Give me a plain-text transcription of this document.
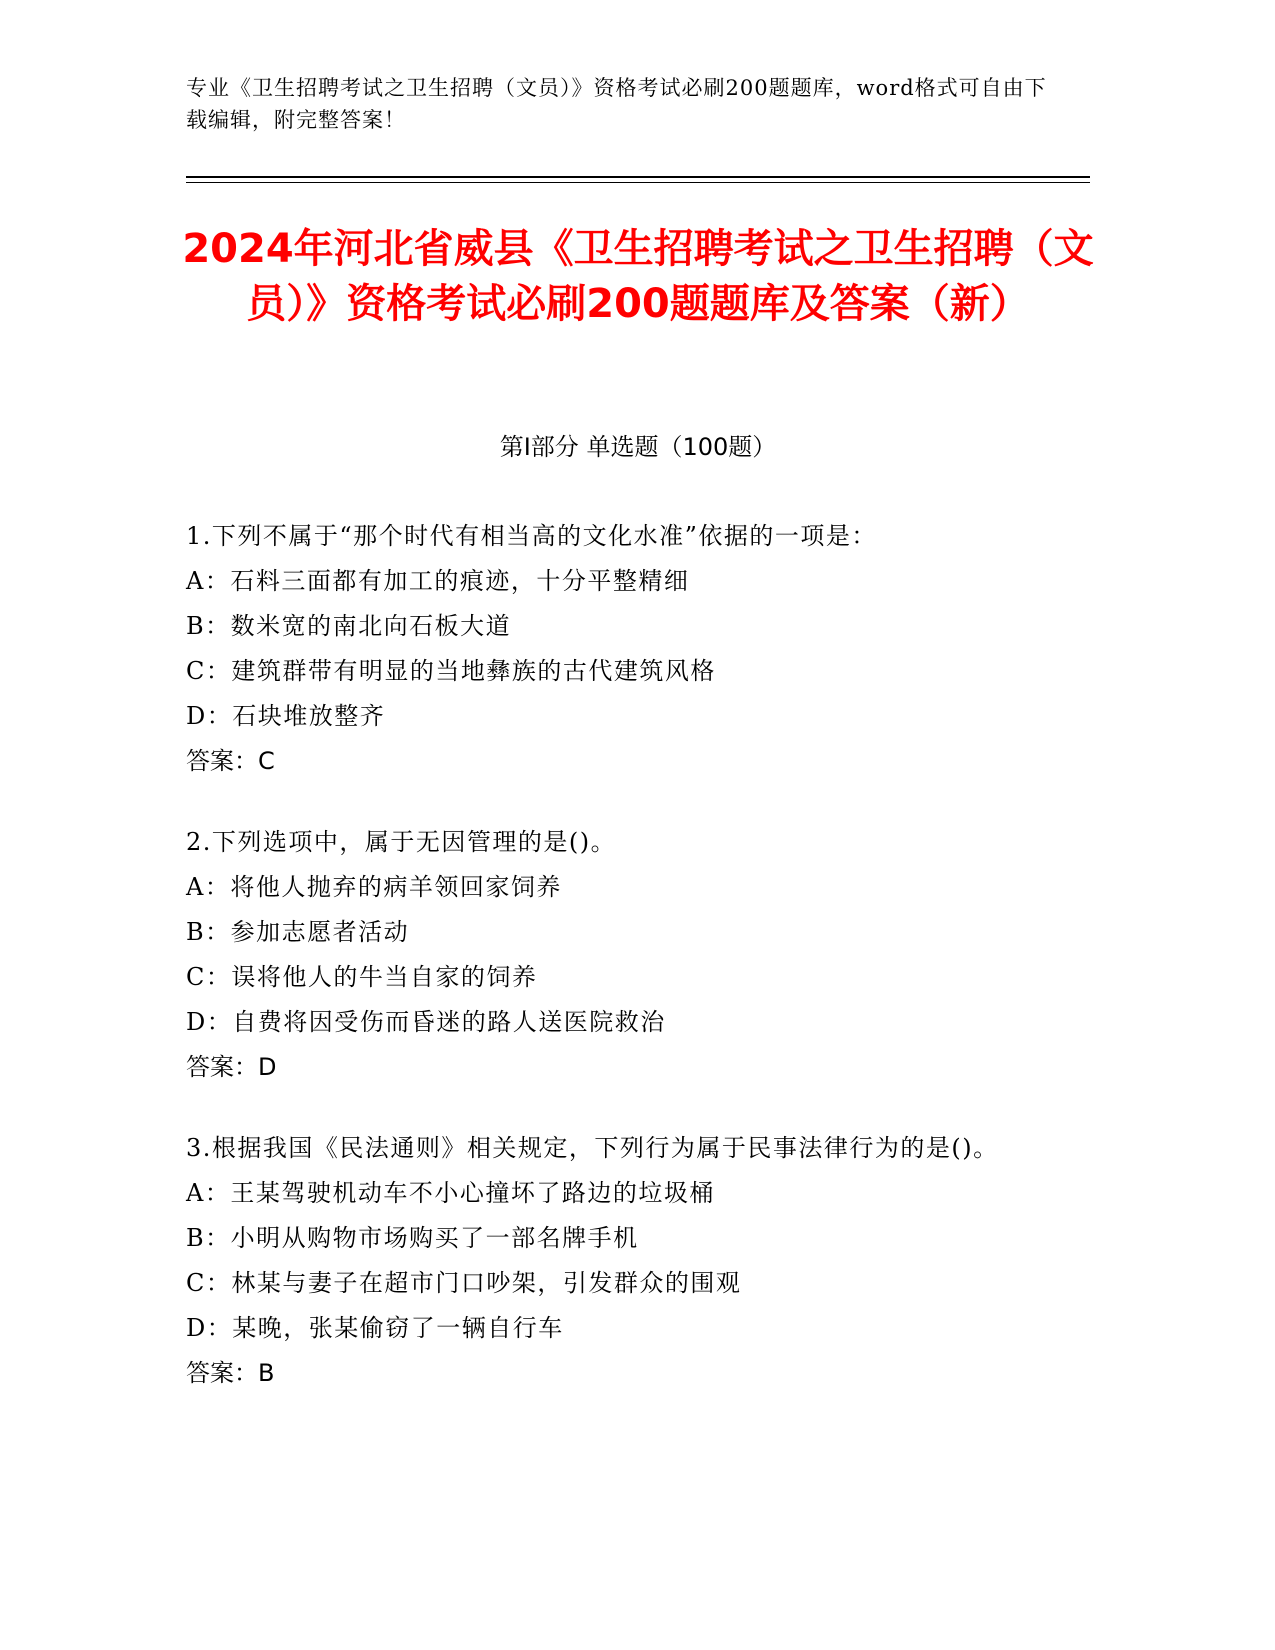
专业《卫生招聘考试之卫生招聘（文员）》资格考试必刷200题题库，word格式可自由下载编辑，附完整答案！
2024年河北省威县《卫生招聘考试之卫生招聘（文员）》资格考试必刷200题题库及答案（新）
第Ⅰ部分 单选题（100题）
1.下列不属于“那个时代有相当高的文化水准”依据的一项是：
A：石料三面都有加工的痕迹，十分平整精细
B：数米宽的南北向石板大道
C：建筑群带有明显的当地彝族的古代建筑风格
D：石块堆放整齐
答案：C
2.下列选项中，属于无因管理的是()。
A：将他人抛弃的病羊领回家饲养
B：参加志愿者活动
C：误将他人的牛当自家的饲养
D：自费将因受伤而昏迷的路人送医院救治
答案：D
3.根据我国《民法通则》相关规定，下列行为属于民事法律行为的是()。
A：王某驾驶机动车不小心撞坏了路边的垃圾桶
B：小明从购物市场购买了一部名牌手机
C：林某与妻子在超市门口吵架，引发群众的围观
D：某晚，张某偷窃了一辆自行车
答案：B
